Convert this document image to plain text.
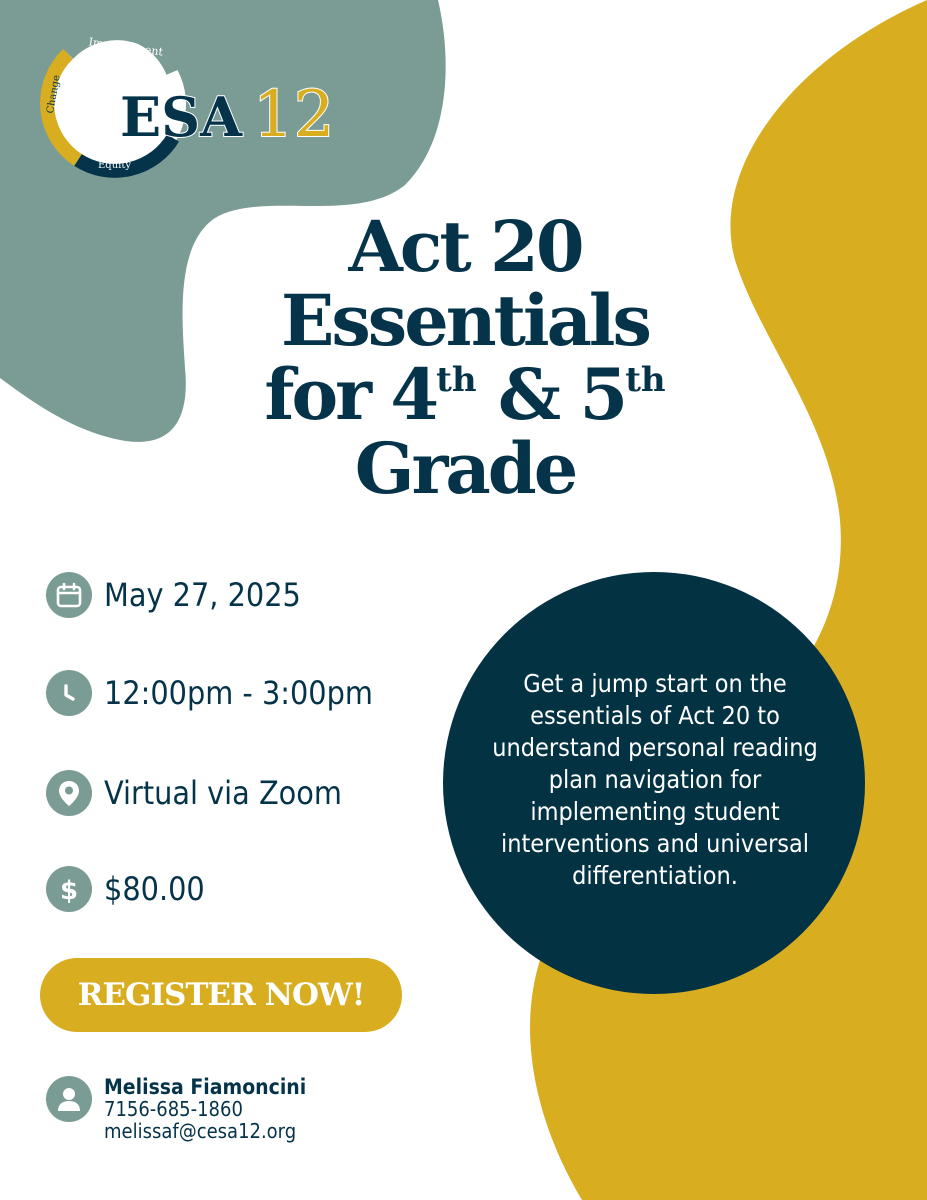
Improvement
Change
Equity
ESA 12
Act 20
Essentials
for 4th & 5th
Grade
May 27, 2025
12:00pm - 3:00pm
Virtual via Zoom
$ $80.00

Get a jump start on the essentials of Act 20 to understand personal reading plan navigation for implementing student interventions and universal differentiation.

REGISTER NOW!
Melissa Fiamoncini
7156-685-1860
melissaf@cesa12.org
